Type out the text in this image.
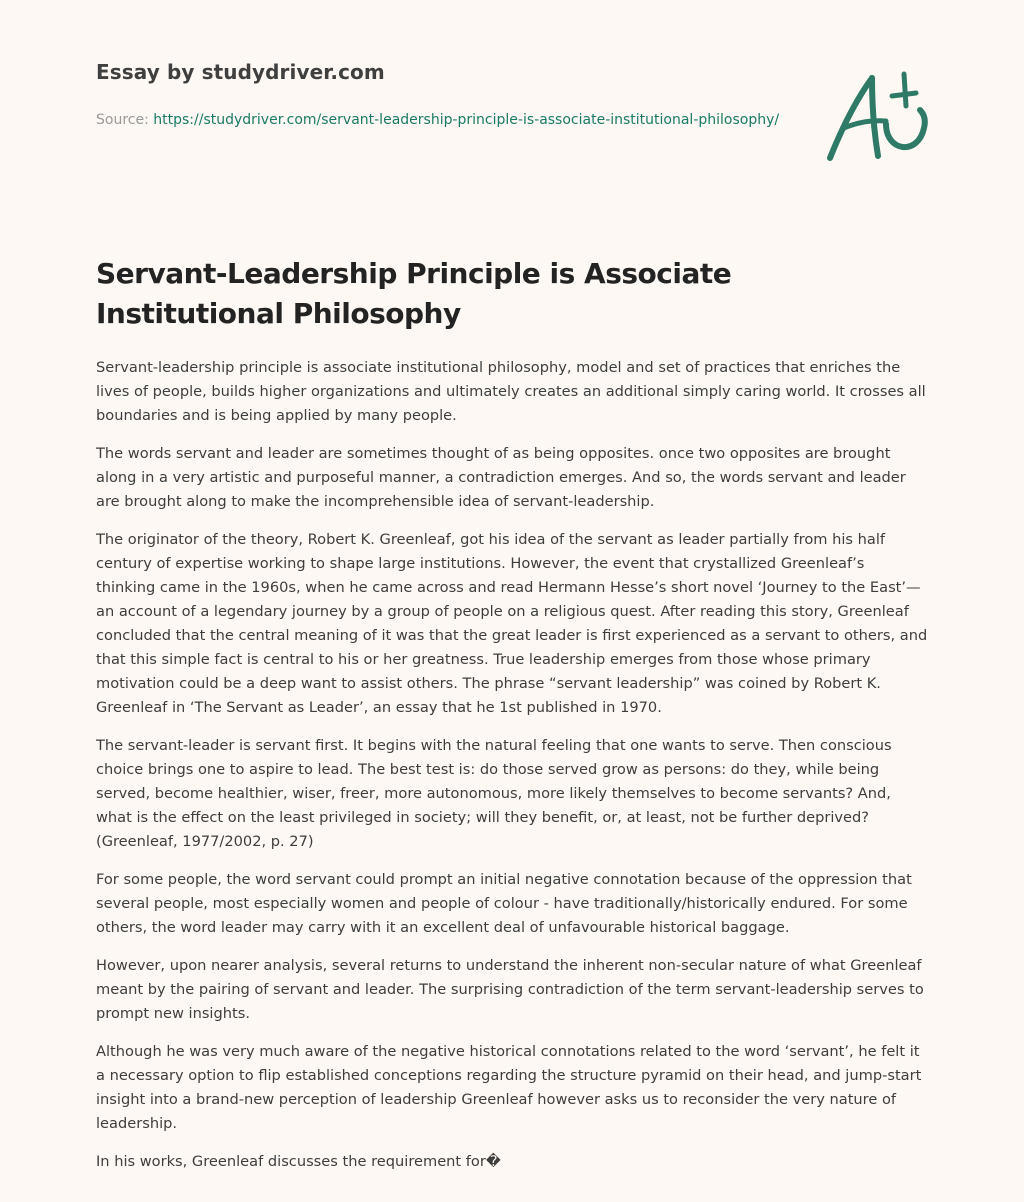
Essay by studydriver.com
Source: https://studydriver.com/servant-leadership-principle-is-associate-institutional-philosophy/
Servant-Leadership Principle is Associate Institutional Philosophy

Servant-leadership principle is associate institutional philosophy, model and set of practices that enriches the lives of people, builds higher organizations and ultimately creates an additional simply caring world. It crosses all boundaries and is being applied by many people.

The words servant and leader are sometimes thought of as being opposites. once two opposites are brought along in a very artistic and purposeful manner, a contradiction emerges. And so, the words servant and leader are brought along to make the incomprehensible idea of servant-leadership.

The originator of the theory, Robert K. Greenleaf, got his idea of the servant as leader partially from his half century of expertise working to shape large institutions. However, the event that crystallized Greenleaf’s thinking came in the 1960s, when he came across and read Hermann Hesse’s short novel ‘Journey to the East’—an account of a legendary journey by a group of people on a religious quest. After reading this story, Greenleaf concluded that the central meaning of it was that the great leader is first experienced as a servant to others, and that this simple fact is central to his or her greatness. True leadership emerges from those whose primary motivation could be a deep want to assist others. The phrase “servant leadership” was coined by Robert K. Greenleaf in ‘The Servant as Leader’, an essay that he 1st published in 1970.

The servant-leader is servant first. It begins with the natural feeling that one wants to serve. Then conscious choice brings one to aspire to lead. The best test is: do those served grow as persons: do they, while being served, become healthier, wiser, freer, more autonomous, more likely themselves to become servants? And, what is the effect on the least privileged in society; will they benefit, or, at least, not be further deprived? (Greenleaf, 1977/2002, p. 27)

For some people, the word servant could prompt an initial negative connotation because of the oppression that several people, most especially women and people of colour - have traditionally/historically endured. For some others, the word leader may carry with it an excellent deal of unfavourable historical baggage.

However, upon nearer analysis, several returns to understand the inherent non-secular nature of what Greenleaf meant by the pairing of servant and leader. The surprising contradiction of the term servant-leadership serves to prompt new insights.

Although he was very much aware of the negative historical connotations related to the word ‘servant’, he felt it a necessary option to flip established conceptions regarding the structure pyramid on their head, and jump-start insight into a brand-new perception of leadership Greenleaf however asks us to reconsider the very nature of leadership.

In his works, Greenleaf discusses the requirement for�
